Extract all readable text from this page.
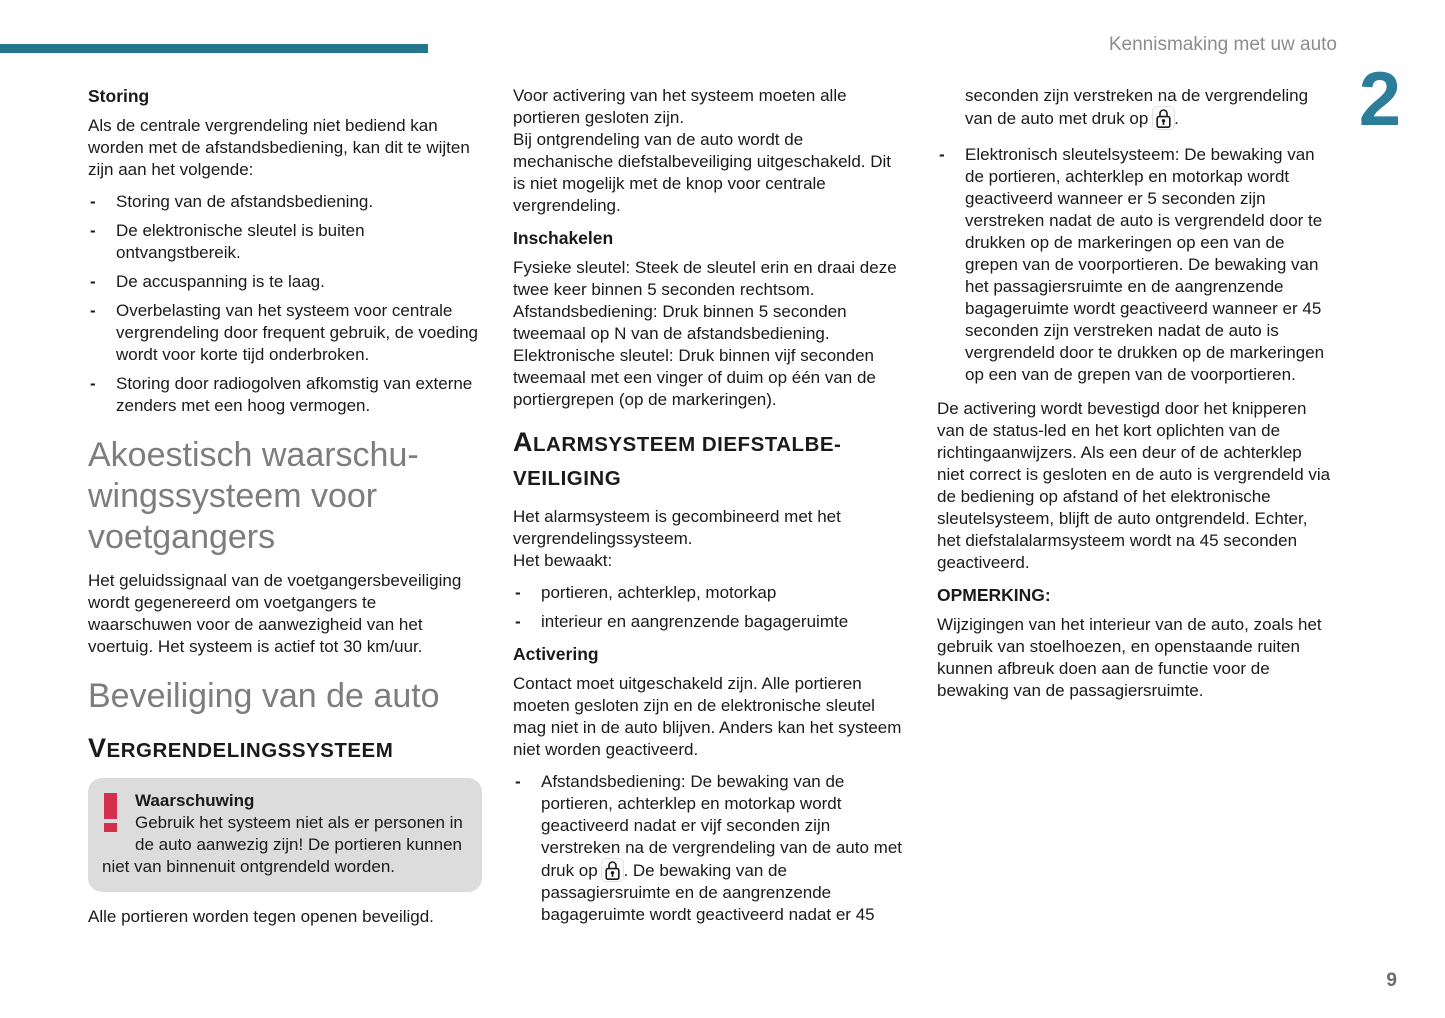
Kennismaking met uw auto
2
Storing

Als de centrale vergrendeling niet bediend kan worden met de afstandsbediening, kan dit te wijten zijn aan het volgende:

- Storing van de afstandsbediening.
- De elektronische sleutel is buiten ontvangstbereik.
- De accuspanning is te laag.
- Overbelasting van het systeem voor centrale vergrendeling door frequent gebruik, de voeding wordt voor korte tijd onderbroken.
- Storing door radiogolven afkomstig van externe zenders met een hoog vermogen.
Akoestisch waarschu-
wingssysteem voor
voetgangers

Het geluidssignaal van de voetgangersbeveiliging wordt gegenereerd om voetgangers te waarschuwen voor de aanwezigheid van het voertuig. Het systeem is actief tot 30 km/uur.

Beveiliging van de auto
VERGRENDELINGSSYSTEEM
Waarschuwing
Gebruik het systeem niet als er personen in de auto aanwezig zijn! De portieren kunnen niet van binnenuit ontgrendeld worden.

Alle portieren worden tegen openen beveiligd.

Voor activering van het systeem moeten alle portieren gesloten zijn.

Bij ontgrendeling van de auto wordt de mechanische diefstalbeveiliging uitgeschakeld. Dit is niet mogelijk met de knop voor centrale vergrendeling.

Inschakelen

Fysieke sleutel: Steek de sleutel erin en draai deze twee keer binnen 5 seconden rechtsom. Afstandsbediening: Druk binnen 5 seconden tweemaal op N van de afstandsbediening. Elektronische sleutel: Druk binnen vijf seconden tweemaal met een vinger of duim op één van de portiergrepen (op de markeringen).

ALARMSYSTEEM DIEFSTALBE-
VEILIGING

Het alarmsysteem is gecombineerd met het vergrendelingssysteem.

Het bewaakt:

- portieren, achterklep, motorkap
- interieur en aangrenzende bagageruimte
Activering

Contact moet uitgeschakeld zijn. Alle portieren moeten gesloten zijn en de elektronische sleutel mag niet in de auto blijven. Anders kan het systeem niet worden geactiveerd.

- Afstandsbediening: De bewaking van de portieren, achterklep en motorkap wordt geactiveerd nadat er vijf seconden zijn verstreken na de vergrendeling van de auto met druk op . De bewaking van de passagiersruimte en de aangrenzende bagageruimte wordt geactiveerd nadat er 45

seconden zijn verstreken na de vergrendeling van de auto met druk op .

- Elektronisch sleutelsysteem: De bewaking van de portieren, achterklep en motorkap wordt geactiveerd wanneer er 5 seconden zijn verstreken nadat de auto is vergrendeld door te drukken op de markeringen op een van de grepen van de voorportieren. De bewaking van het passagiersruimte en de aangrenzende bagageruimte wordt geactiveerd wanneer er 45 seconden zijn verstreken nadat de auto is vergrendeld door te drukken op de markeringen op een van de grepen van de voorportieren.

De activering wordt bevestigd door het knipperen van de status-led en het kort oplichten van de richtingaanwijzers. Als een deur of de achterklep niet correct is gesloten en de auto is vergrendeld via de bediening op afstand of het elektronische sleutelsysteem, blijft de auto ontgrendeld. Echter, het diefstalalarmsysteem wordt na 45 seconden geactiveerd.

OPMERKING:

Wijzigingen van het interieur van de auto, zoals het gebruik van stoelhoezen, en openstaande ruiten kunnen afbreuk doen aan de functie voor de bewaking van de passagiersruimte.

9
